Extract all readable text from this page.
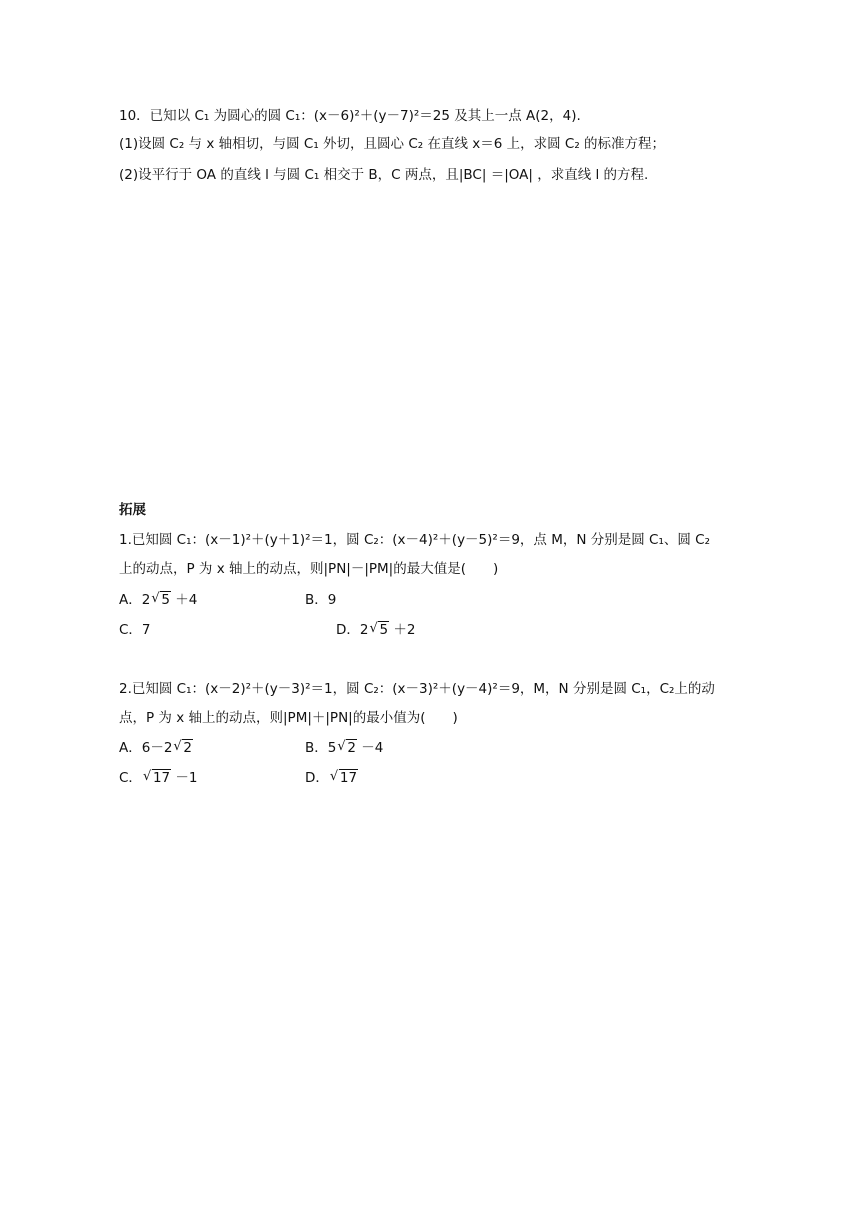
10．已知以 C₁ 为圆心的圆 C₁：(x－6)²＋(y－7)²＝25 及其上一点 A(2，4).
(1)设圆 C₂ 与 x 轴相切，与圆 C₁ 外切，且圆心 C₂ 在直线 x＝6 上，求圆 C₂ 的标准方程；
(2)设平行于 OA 的直线 l 与圆 C₁ 相交于 B，C 两点，且|BC| ＝|OA| ，求直线 l 的方程.
拓展
1.已知圆 C₁：(x－1)²＋(y＋1)²＝1，圆 C₂：(x－4)²＋(y－5)²＝9，点 M，N 分别是圆 C₁、圆 C₂
上的动点，P 为 x 轴上的动点，则|PN|－|PM|的最大值是(　　)
A．2 √ 5 ＋4	B．9
C．7	D．2 √ 5 ＋2
2.已知圆 C₁：(x－2)²＋(y－3)²＝1，圆 C₂：(x－3)²＋(y－4)²＝9，M，N 分别是圆 C₁，C₂上的动
点，P 为 x 轴上的动点，则|PM|＋|PN|的最小值为(　　)
A．6－2 √ 2	B．5 √ 2 －4
C． √ 17 －1	D． √ 17
